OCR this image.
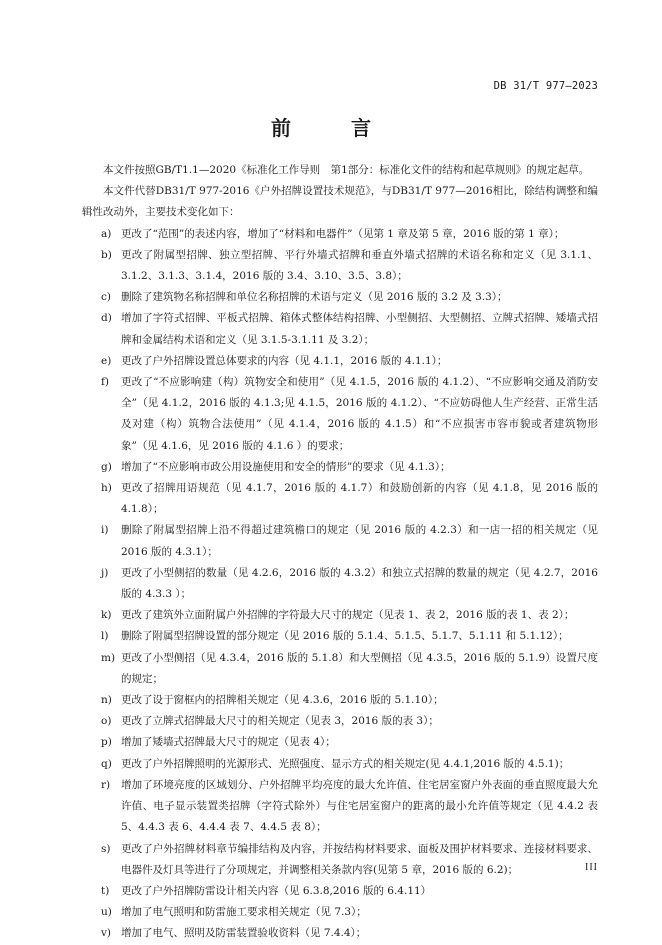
DB 31/T 977—2023
前　言

本文件按照GB/T1.1—2020《标准化工作导则　第1部分：标准化文件的结构和起草规则》的规定起草。

本文件代替DB31/T 977-2016《户外招牌设置技术规范》，与DB31/T 977—2016相比，除结构调整和编辑性改动外，主要技术变化如下：

a) 更改了“范围”的表述内容，增加了“材料和电器件”（见第 1 章及第 5 章，2016 版的第 1 章）；
b) 更改了附属型招牌、独立型招牌、平行外墙式招牌和垂直外墙式招牌的术语名称和定义（见 3.1.1、3.1.2、3.1.3、3.1.4，2016 版的 3.4、3.10、3.5、3.8）；
c) 删除了建筑物名称招牌和单位名称招牌的术语与定义（见 2016 版的 3.2 及 3.3）；
d) 增加了字符式招牌、平板式招牌、箱体式整体结构招牌、小型侧招、大型侧招、立牌式招牌、矮墙式招牌和金属结构术语和定义（见 3.1.5-3.1.11 及 3.2）；
e) 更改了户外招牌设置总体要求的内容（见 4.1.1，2016 版的 4.1.1）；
f)	更改了“不应影响建（构）筑物安全和使用”（见 4.1.5，2016 版的 4.1.2）、“不应影响交通及消防安全”（见 4.1.2，2016 版的 4.1.3;见 4.1.5，2016 版的 4.1.2）、“不应妨碍他人生产经营、正常生活及对建（构）筑物合法使用”（见 4.1.4，2016 版的 4.1.5）和“不应损害市容市貌或者建筑物形象”（见 4.1.6，见 2016 版的 4.1.6 ）的要求；
g) 增加了“不应影响市政公用设施使用和安全的情形”的要求（见 4.1.3）；
h) 更改了招牌用语规范（见 4.1.7，2016 版的 4.1.7）和鼓励创新的内容（见 4.1.8，见 2016 版的 4.1.8）；
i)	删除了附属型招牌上沿不得超过建筑檐口的规定（见 2016 版的 4.2.3）和一店一招的相关规定（见 2016 版的 4.3.1）；
j)	更改了小型侧招的数量（见 4.2.6，2016 版的 4.3.2）和独立式招牌的数量的规定（见 4.2.7，2016 版的 4.3.3 ）；
k) 更改了建筑外立面附属户外招牌的字符最大尺寸的规定（见表 1、表 2，2016 版的表 1、表 2）；
l)	删除了附属型招牌设置的部分规定（见 2016 版的 5.1.4、5.1.5、5.1.7、5.1.11 和 5.1.12）；
m) 更改了小型侧招（见 4.3.4，2016 版的 5.1.8）和大型侧招（见 4.3.5，2016 版的 5.1.9）设置尺度的规定；
n) 更改了设于窗框内的招牌相关规定（见 4.3.6，2016 版的 5.1.10）；
o) 更改了立牌式招牌最大尺寸的相关规定（见表 3，2016 版的表 3）；
p) 增加了矮墙式招牌最大尺寸的规定（见表 4）；
q) 更改了户外招牌照明的光源形式、光照强度、显示方式的相关规定(见 4.4.1,2016 版的 4.5.1)；
r)	增加了环境亮度的区域划分、户外招牌平均亮度的最大允许值、住宅居室窗户外表面的垂直照度最大允许值、电子显示装置类招牌（字符式除外）与住宅居室窗户的距离的最小允许值等规定（见 4.4.2 表 5、4.4.3 表 6、4.4.4 表 7、4.4.5 表 8）；
s)	更改了户外招牌材料章节编排结构及内容，并按结构材料要求、面板及围护材料要求、连接材料要求、电器件及灯具等进行了分项规定，并调整相关条款内容(见第 5 章，2016 版的 6.2)；
t)	更改了户外招牌防雷设计相关内容（见 6.3.8,2016 版的 6.4.11）
u) 增加了电气照明和防雷施工要求相关规定（见 7.3）；
v) 增加了电气、照明及防雷装置验收资料（见 7.4.4）；
III
